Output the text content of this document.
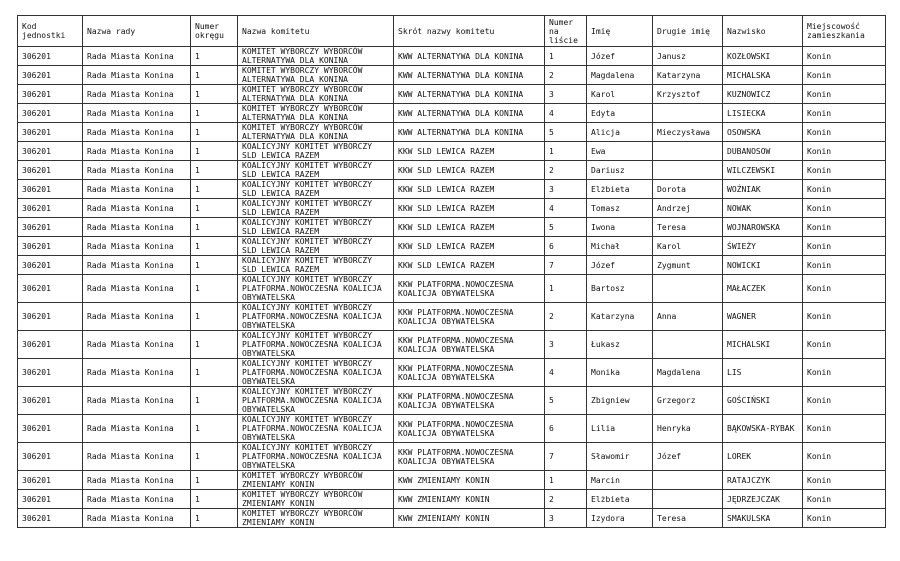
Kod jednostki	Nazwa rady	Numer okręgu	Nazwa komitetu	Skrót nazwy komitetu	Numer na liście	Imię	Drugie imię	Nazwisko	Miejscowość zamieszkania
306201	Rada Miasta Konina	1	KOMITET WYBORCZY WYBORCÓW ALTERNATYWA DLA KONINA	KWW ALTERNATYWA DLA KONINA	1	Józef	Janusz	KOZŁOWSKI	Konin
306201	Rada Miasta Konina	1	KOMITET WYBORCZY WYBORCÓW ALTERNATYWA DLA KONINA	KWW ALTERNATYWA DLA KONINA	2	Magdalena	Katarzyna	MICHALSKA	Konin
306201	Rada Miasta Konina	1	KOMITET WYBORCZY WYBORCÓW ALTERNATYWA DLA KONINA	KWW ALTERNATYWA DLA KONINA	3	Karol	Krzysztof	KUZNOWICZ	Konin
306201	Rada Miasta Konina	1	KOMITET WYBORCZY WYBORCÓW ALTERNATYWA DLA KONINA	KWW ALTERNATYWA DLA KONINA	4	Edyta		LISIECKA	Konin
306201	Rada Miasta Konina	1	KOMITET WYBORCZY WYBORCÓW ALTERNATYWA DLA KONINA	KWW ALTERNATYWA DLA KONINA	5	Alicja	Mieczysława	OSOWSKA	Konin
306201	Rada Miasta Konina	1	KOALICYJNY KOMITET WYBORCZY SLD LEWICA RAZEM	KKW SLD LEWICA RAZEM	1	Ewa		DUBANOSOW	Konin
306201	Rada Miasta Konina	1	KOALICYJNY KOMITET WYBORCZY SLD LEWICA RAZEM	KKW SLD LEWICA RAZEM	2	Dariusz		WILCZEWSKI	Konin
306201	Rada Miasta Konina	1	KOALICYJNY KOMITET WYBORCZY SLD LEWICA RAZEM	KKW SLD LEWICA RAZEM	3	Elżbieta	Dorota	WOŹNIAK	Konin
306201	Rada Miasta Konina	1	KOALICYJNY KOMITET WYBORCZY SLD LEWICA RAZEM	KKW SLD LEWICA RAZEM	4	Tomasz	Andrzej	NOWAK	Konin
306201	Rada Miasta Konina	1	KOALICYJNY KOMITET WYBORCZY SLD LEWICA RAZEM	KKW SLD LEWICA RAZEM	5	Iwona	Teresa	WOJNAROWSKA	Konin
306201	Rada Miasta Konina	1	KOALICYJNY KOMITET WYBORCZY SLD LEWICA RAZEM	KKW SLD LEWICA RAZEM	6	Michał	Karol	ŚWIEŻY	Konin
306201	Rada Miasta Konina	1	KOALICYJNY KOMITET WYBORCZY SLD LEWICA RAZEM	KKW SLD LEWICA RAZEM	7	Józef	Zygmunt	NOWICKI	Konin
306201	Rada Miasta Konina	1	KOALICYJNY KOMITET WYBORCZY PLATFORMA.NOWOCZESNA KOALICJA OBYWATELSKA	KKW PLATFORMA.NOWOCZESNA KOALICJA OBYWATELSKA	1	Bartosz		MAŁACZEK	Konin
306201	Rada Miasta Konina	1	KOALICYJNY KOMITET WYBORCZY PLATFORMA.NOWOCZESNA KOALICJA OBYWATELSKA	KKW PLATFORMA.NOWOCZESNA KOALICJA OBYWATELSKA	2	Katarzyna	Anna	WAGNER	Konin
306201	Rada Miasta Konina	1	KOALICYJNY KOMITET WYBORCZY PLATFORMA.NOWOCZESNA KOALICJA OBYWATELSKA	KKW PLATFORMA.NOWOCZESNA KOALICJA OBYWATELSKA	3	Łukasz		MICHALSKI	Konin
306201	Rada Miasta Konina	1	KOALICYJNY KOMITET WYBORCZY PLATFORMA.NOWOCZESNA KOALICJA OBYWATELSKA	KKW PLATFORMA.NOWOCZESNA KOALICJA OBYWATELSKA	4	Monika	Magdalena	LIS	Konin
306201	Rada Miasta Konina	1	KOALICYJNY KOMITET WYBORCZY PLATFORMA.NOWOCZESNA KOALICJA OBYWATELSKA	KKW PLATFORMA.NOWOCZESNA KOALICJA OBYWATELSKA	5	Zbigniew	Grzegorz	GOŚCIŃSKI	Konin
306201	Rada Miasta Konina	1	KOALICYJNY KOMITET WYBORCZY PLATFORMA.NOWOCZESNA KOALICJA OBYWATELSKA	KKW PLATFORMA.NOWOCZESNA KOALICJA OBYWATELSKA	6	Lilia	Henryka	BĄKOWSKA-RYBAK	Konin
306201	Rada Miasta Konina	1	KOALICYJNY KOMITET WYBORCZY PLATFORMA.NOWOCZESNA KOALICJA OBYWATELSKA	KKW PLATFORMA.NOWOCZESNA KOALICJA OBYWATELSKA	7	Sławomir	Józef	LOREK	Konin
306201	Rada Miasta Konina	1	KOMITET WYBORCZY WYBORCÓW ZMIENIAMY KONIN	KWW ZMIENIAMY KONIN	1	Marcin		RATAJCZYK	Konin
306201	Rada Miasta Konina	1	KOMITET WYBORCZY WYBORCÓW ZMIENIAMY KONIN	KWW ZMIENIAMY KONIN	2	Elżbieta		JĘDRZEJCZAK	Konin
306201	Rada Miasta Konina	1	KOMITET WYBORCZY WYBORCÓW ZMIENIAMY KONIN	KWW ZMIENIAMY KONIN	3	Izydora	Teresa	SMAKULSKA	Konin
